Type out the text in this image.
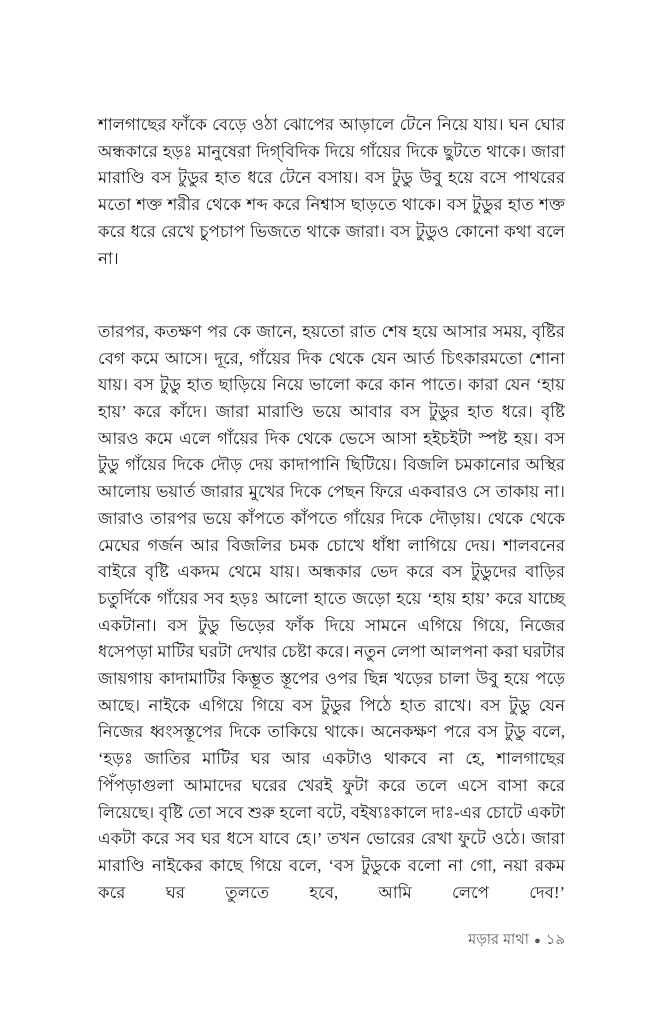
শালগাছের ফাঁকে বেড়ে ওঠা ঝোপের আড়ালে টেনে নিয়ে যায়। ঘন ঘোর অন্ধকারে হড়ঃ মানুষেরা দিগ্‌বিদিক দিয়ে গাঁয়ের দিকে ছুটতে থাকে। জারা মারাণ্ডি বস টুডুর হাত ধরে টেনে বসায়। বস টুডু উবু হয়ে বসে পাথরের মতো শক্ত শরীর থেকে শব্দ করে নিশ্বাস ছাড়তে থাকে। বস টুডুর হাত শক্ত করে ধরে রেখে চুপচাপ ভিজতে থাকে জারা। বস টুডুও কোনো কথা বলে না।

তারপর, কতক্ষণ পর কে জানে, হয়তো রাত শেষ হয়ে আসার সময়, বৃষ্টির বেগ কমে আসে। দূরে, গাঁয়ের দিক থেকে যেন আর্ত চিৎকারমতো শোনা যায়। বস টুডু হাত ছাড়িয়ে নিয়ে ভালো করে কান পাতে। কারা যেন ‘হায় হায়’ করে কাঁদে। জারা মারাণ্ডি ভয়ে আবার বস টুডুর হাত ধরে। বৃষ্টি আরও কমে এলে গাঁয়ের দিক থেকে ভেসে আসা হইচইটা স্পষ্ট হয়। বস টুডু গাঁয়ের দিকে দৌড় দেয় কাদাপানি ছিটিয়ে। বিজলি চমকানোর অস্থির আলোয় ভয়ার্ত জারার মুখের দিকে পেছন ফিরে একবারও সে তাকায় না। জারাও তারপর ভয়ে কাঁপতে কাঁপতে গাঁয়ের দিকে দৌড়ায়। থেকে থেকে মেঘের গর্জন আর বিজলির চমক চোখে ধাঁধা লাগিয়ে দেয়। শালবনের বাইরে বৃষ্টি একদম থেমে যায়। অন্ধকার ভেদ করে বস টুডুদের বাড়ির চতুর্দিকে গাঁয়ের সব হড়ঃ আলো হাতে জড়ো হয়ে ‘হায় হায়’ করে যাচ্ছে একটানা। বস টুডু ভিড়ের ফাঁক দিয়ে সামনে এগিয়ে গিয়ে, নিজের ধসেপড়া মাটির ঘরটা দেখার চেষ্টা করে। নতুন লেপা আলপনা করা ঘরটার জায়গায় কাদামাটির কিম্ভূত স্তূপের ওপর ছিন্ন খড়ের চালা উবু হয়ে পড়ে আছে। নাইকে এগিয়ে গিয়ে বস টুডুর পিঠে হাত রাখে। বস টুডু যেন নিজের ধ্বংসস্তূপের দিকে তাকিয়ে থাকে। অনেকক্ষণ পরে বস টুডু বলে, ‘হড়ঃ জাতির মাটির ঘর আর একটাও থাকবে না হে, শালগাছের পিঁপড়াগুলা আমাদের ঘরের খেরই ফুটা করে তলে এসে বাসা করে লিয়েছে। বৃষ্টি তো সবে শুরু হলো বটে, বইষ্যঃকালে দাঃ-এর চোটে একটা একটা করে সব ঘর ধসে যাবে হে।’ তখন ভোরের রেখা ফুটে ওঠে। জারা মারাণ্ডি নাইকের কাছে গিয়ে বলে, ‘বস টুডুকে বলো না গো, নয়া রকম করে ঘর তুলতে হবে, আমি লেপে দেব!’

মড়ার মাথা ● ১৯
